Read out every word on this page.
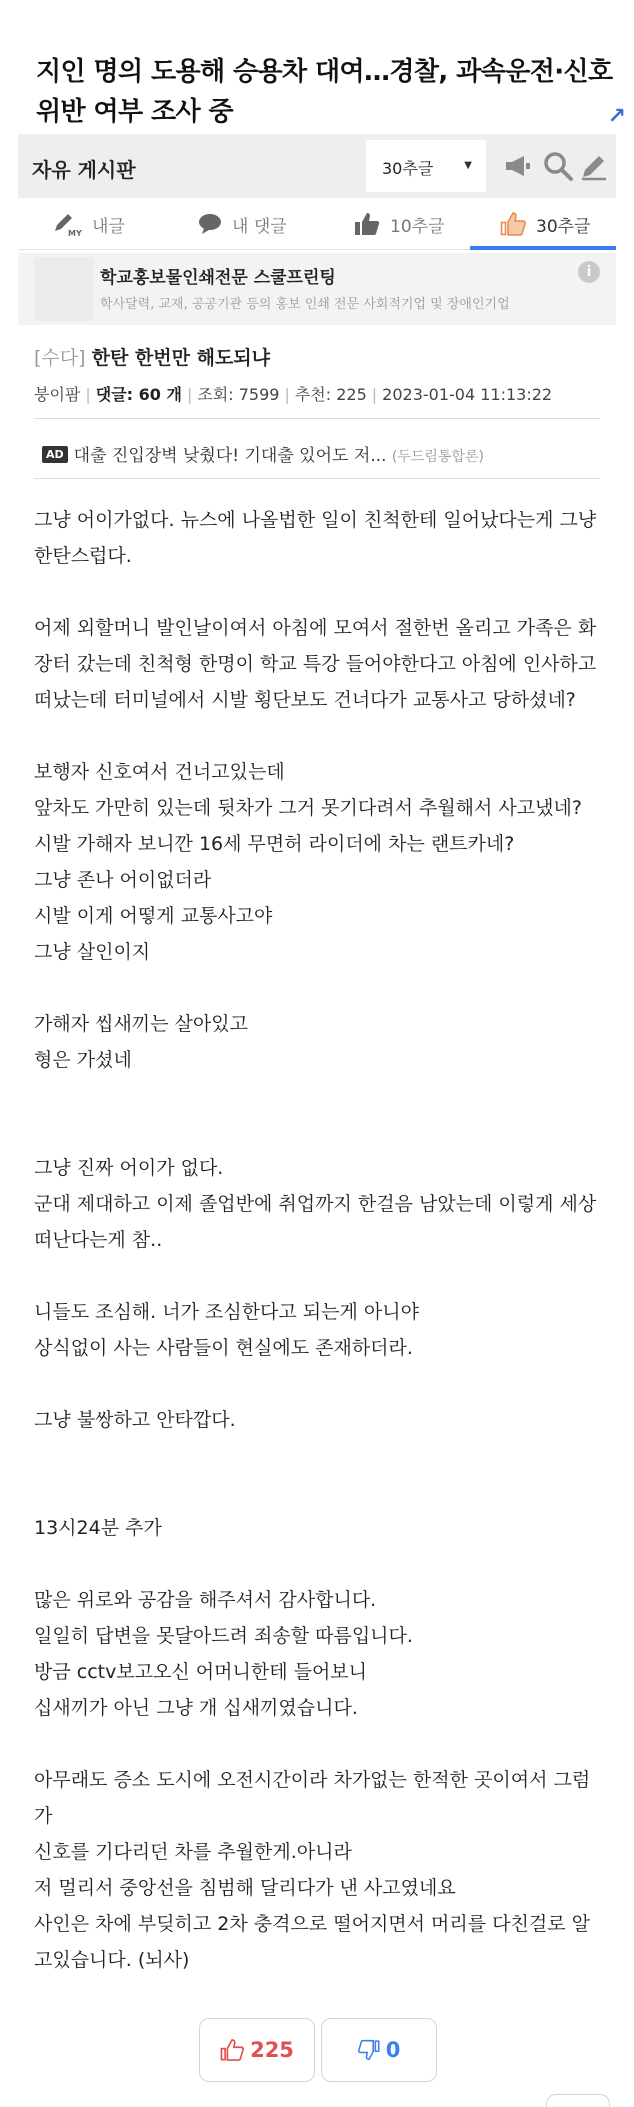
지인 명의 도용해 승용차 대여…경찰, 과속운전·신호위반 여부 조사 중	↗
자유 게시판	30추글	▼
MY 내글	내 댓글	10추글	30추글
학교홍보물인쇄전문 스쿨프린팅
학사달력, 교재, 공공기관 등의 홍보 인쇄 전문 사회적기업 및 장애인기업
i
[수다] 한탄 한번만 해도되냐
붕이팜 | 댓글: 60 개 | 조회: 7599 | 추천: 225 | 2023-01-04 11:13:22
AD 대출 진입장벽 낮췄다! 기대출 있어도 저... (두드림통합론)
그냥 어이가없다. 뉴스에 나올법한 일이 친척한테 일어났다는게 그냥
한탄스럽다.
어제 외할머니 발인날이여서 아침에 모여서 절한번 올리고 가족은 화
장터 갔는데 친척형 한명이 학교 특강 들어야한다고 아침에 인사하고
떠났는데 터미널에서 시발 횡단보도 건너다가 교통사고 당하셨네?
보행자 신호여서 건너고있는데
앞차도 가만히 있는데 뒷차가 그거 못기다려서 추월해서 사고냈네?
시발 가해자 보니깐 16세 무면허 라이더에 차는 랜트카네?
그냥 존나 어이없더라
시발 이게 어떻게 교통사고야
그냥 살인이지
가해자 씹새끼는 살아있고
형은 가셨네
그냥 진짜 어이가 없다.
군대 제대하고 이제 졸업반에 취업까지 한걸음 남았는데 이렇게 세상
떠난다는게 참..
니들도 조심해. 너가 조심한다고 되는게 아니야
상식없이 사는 사람들이 현실에도 존재하더라.
그냥 불쌍하고 안타깝다.
13시24분 추가
많은 위로와 공감을 해주셔서 감사합니다.
일일히 답변을 못달아드려 죄송할 따름입니다.
방금 cctv보고오신 어머니한테 들어보니
십새끼가 아닌 그냥 개 십새끼였습니다.
아무래도 증소 도시에 오전시간이라 차가없는 한적한 곳이여서 그럼
가
신호를 기다리던 차를 추월한게.아니라
저 멀리서 중앙선을 침범해 달리다가 낸 사고였네요
사인은 차에 부딪히고 2차 충격으로 떨어지면서 머리를 다친걸로 알
고있습니다. (뇌사)
225	0
